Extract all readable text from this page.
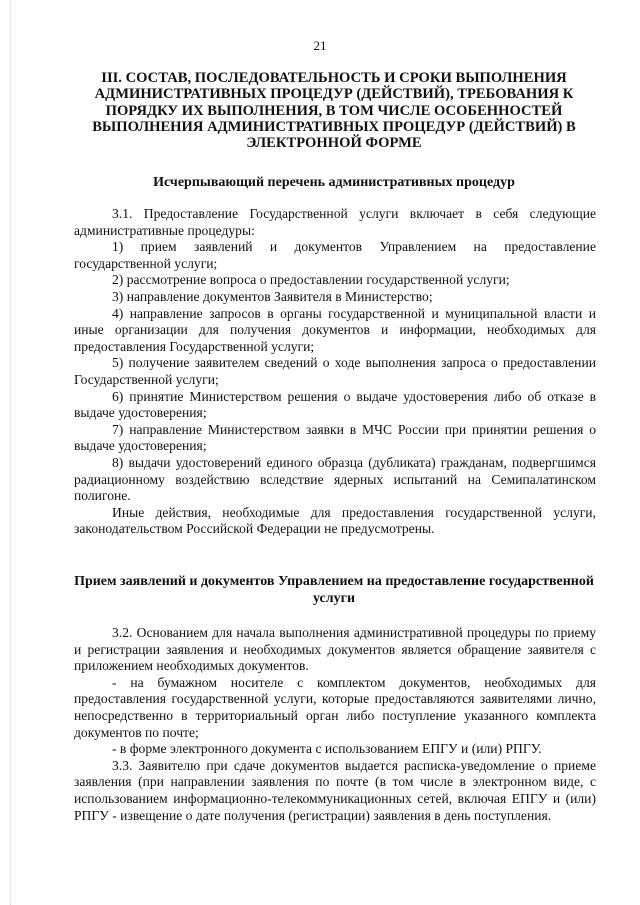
21
III. СОСТАВ, ПОСЛЕДОВАТЕЛЬНОСТЬ И СРОКИ ВЫПОЛНЕНИЯ АДМИНИСТРАТИВНЫХ ПРОЦЕДУР (ДЕЙСТВИЙ), ТРЕБОВАНИЯ К ПОРЯДКУ ИХ ВЫПОЛНЕНИЯ, В ТОМ ЧИСЛЕ ОСОБЕННОСТЕЙ ВЫПОЛНЕНИЯ АДМИНИСТРАТИВНЫХ ПРОЦЕДУР (ДЕЙСТВИЙ) В ЭЛЕКТРОННОЙ ФОРМЕ
Исчерпывающий перечень административных процедур

3.1. Предоставление Государственной услуги включает в себя следующие административные процедуры:

1) прием заявлений и документов Управлением на предоставление государственной услуги;

2) рассмотрение вопроса о предоставлении государственной услуги;

3) направление документов Заявителя в Министерство;

4) направление запросов в органы государственной и муниципальной власти и иные организации для получения документов и информации, необходимых для предоставления Государственной услуги;

5) получение заявителем сведений о ходе выполнения запроса о предоставлении Государственной услуги;

6) принятие Министерством решения о выдаче удостоверения либо об отказе в выдаче удостоверения;

7) направление Министерством заявки в МЧС России при принятии решения о выдаче удостоверения;

8) выдачи удостоверений единого образца (дубликата) гражданам, подвергшимся радиационному воздействию вследствие ядерных испытаний на Семипалатинском полигоне.

Иные действия, необходимые для предоставления государственной услуги, законодательством Российской Федерации не предусмотрены.

Прием заявлений и документов Управлением на предоставление государственной услуги

3.2. Основанием для начала выполнения административной процедуры по приему и регистрации заявления и необходимых документов является обращение заявителя с приложением необходимых документов.

- на бумажном носителе с комплектом документов, необходимых для предоставления государственной услуги, которые предоставляются заявителями лично, непосредственно в территориальный орган либо поступление указанного комплекта документов по почте;

- в форме электронного документа с использованием ЕПГУ и (или) РПГУ.

3.3. Заявителю при сдаче документов выдается расписка-уведомление о приеме заявления (при направлении заявления по почте (в том числе в электронном виде, с использованием информационно-телекоммуникационных сетей, включая ЕПГУ и (или) РПГУ - извещение о дате получения (регистрации) заявления в день поступления.
